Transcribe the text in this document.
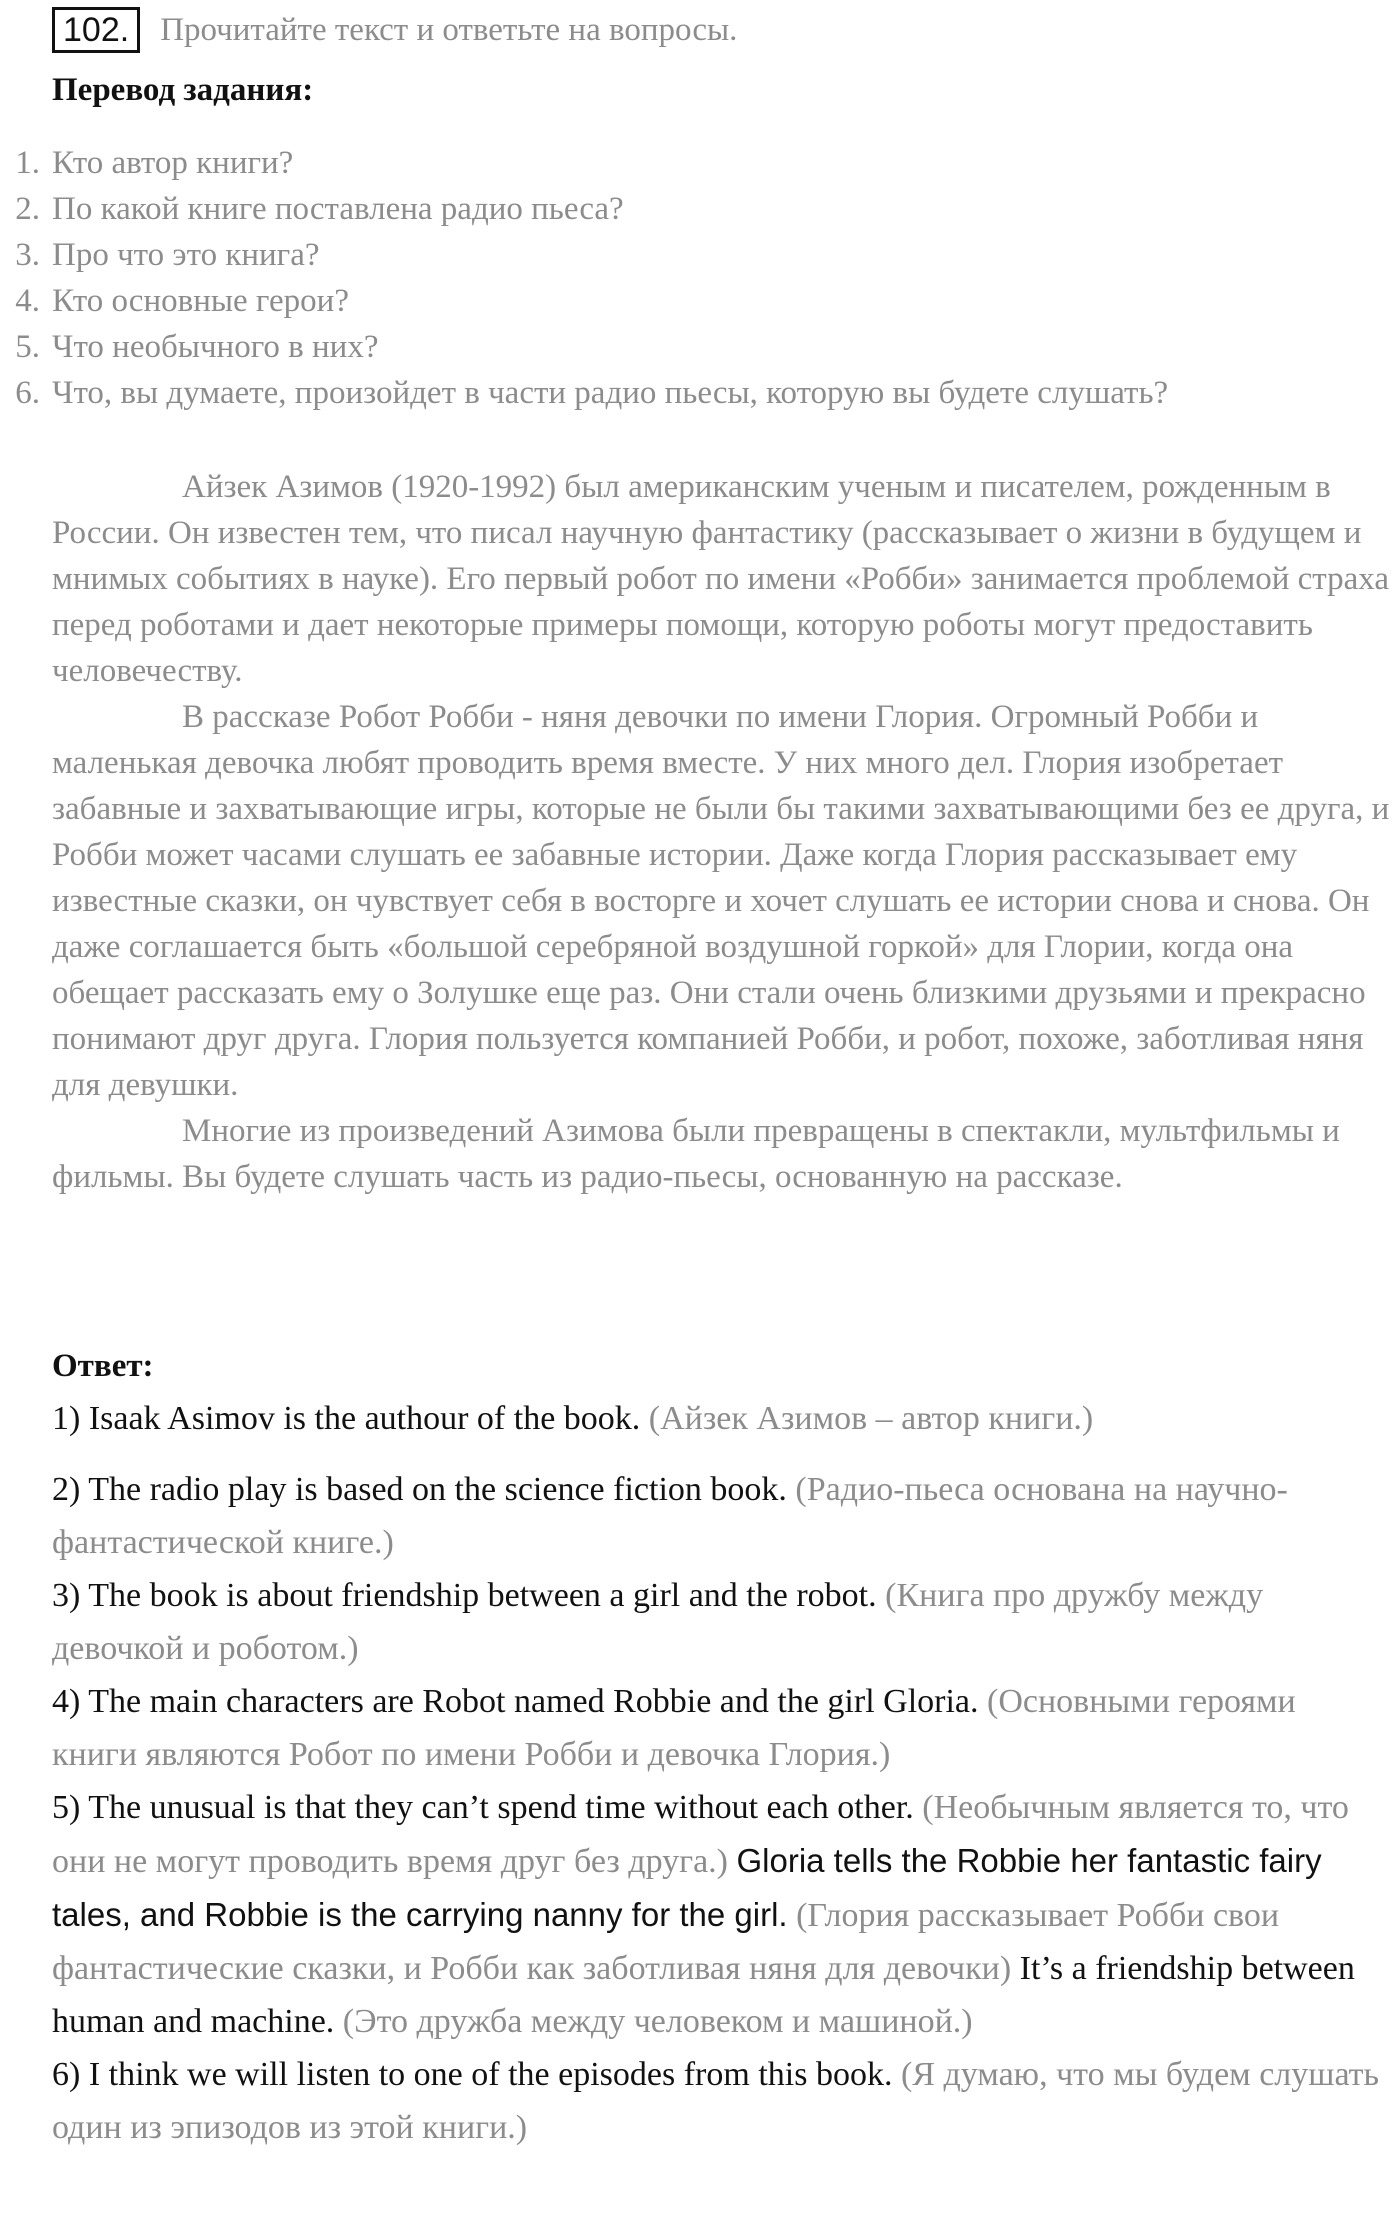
102. Прочитайте текст и ответьте на вопросы.
Перевод задания:
1. Кто автор книги?
2. По какой книге поставлена радио пьеса?
3. Про что это книга?
4. Кто основные герои?
5. Что необычного в них?
6. Что, вы думаете, произойдет в части радио пьесы, которую вы будете слушать?

Айзек Азимов (1920-1992) был американским ученым и писателем, рожденным в России. Он известен тем, что писал научную фантастику (рассказывает о жизни в будущем и мнимых событиях в науке). Его первый робот по имени «Робби» занимается проблемой страха перед роботами и дает некоторые примеры помощи, которую роботы могут предоставить человечеству.

В рассказе Робот Робби - няня девочки по имени Глория. Огромный Робби и маленькая девочка любят проводить время вместе. У них много дел. Глория изобретает забавные и захватывающие игры, которые не были бы такими захватывающими без ее друга, и Робби может часами слушать ее забавные истории. Даже когда Глория рассказывает ему известные сказки, он чувствует себя в восторге и хочет слушать ее истории снова и снова. Он даже соглашается быть «большой серебряной воздушной горкой» для Глории, когда она обещает рассказать ему о Золушке еще раз. Они стали очень близкими друзьями и прекрасно понимают друг друга. Глория пользуется компанией Робби, и робот, похоже, заботливая няня для девушки.

Многие из произведений Азимова были превращены в спектакли, мультфильмы и фильмы. Вы будете слушать часть из радио-пьесы, основанную на рассказе.

Ответ:

1) Isaak Asimov is the authour of the book. (Айзек Азимов – автор книги.)

2) The radio play is based on the science fiction book. (Радио-пьеса основана на научно-фантастической книге.)

3) The book is about friendship between a girl and the robot. (Книга про дружбу между девочкой и роботом.)

4) The main characters are Robot named Robbie and the girl Gloria. (Основными героями книги являются Робот по имени Робби и девочка Глория.)

5) The unusual is that they can’t spend time without each other. (Необычным является то, что они не могут проводить время друг без друга.) Gloria tells the Robbie her fantastic fairy tales, and Robbie is the carrying nanny for the girl. (Глория рассказывает Робби свои фантастические сказки, и Робби как заботливая няня для девочки) It’s a friendship between human and machine. (Это дружба между человеком и машиной.)

6) I think we will listen to one of the episodes from this book. (Я думаю, что мы будем слушать один из эпизодов из этой книги.)
